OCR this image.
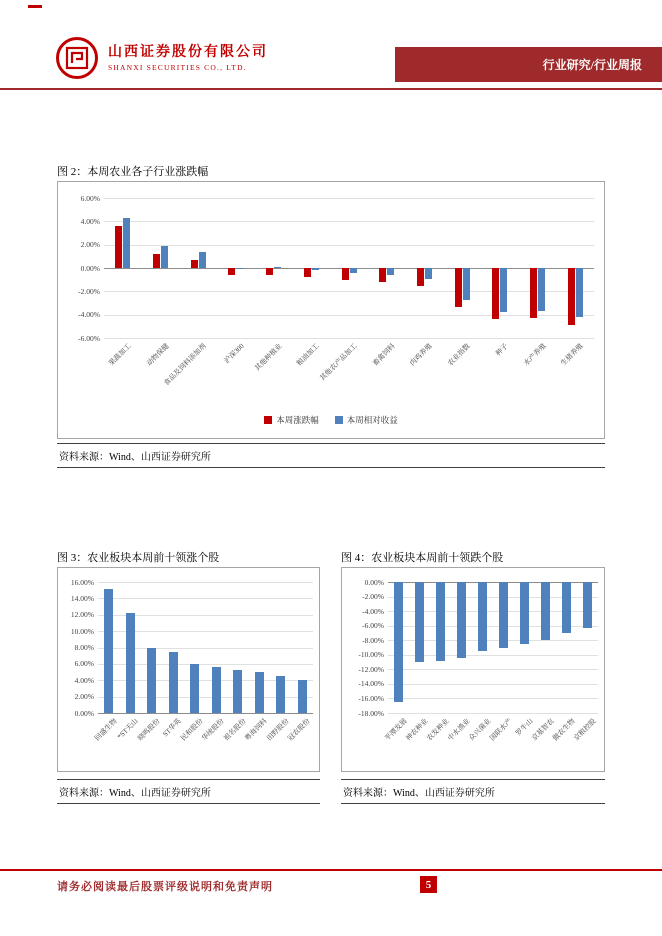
山西证券股份有限公司
SHANXI SECURITIES CO., LTD.	行业研究/行业周报
图 2：本周农业各子行业涨跌幅
6.00%
4.00%
2.00%
0.00%
-2.00%
-4.00%
-6.00%
果蔬加工	动物保健
食品及饲料添加剂	沪深300	其他种植业	粮油加工
其他农产品加工	畜禽饲料	肉鸡养殖	农业指数	种子	水产养殖	生猪养殖
本周涨跌幅	本周相对收益
资料来源：Wind、山西证券研究所
图 3：农业板块本周前十领涨个股
16.00%
14.00%
12.00%
10.00%
8.00%
6.00%
4.00%
2.00%
0.00%
回盛生物
*ST天山
晓鸣股份 ST华英
民和股份
华统股份
祖名股份
粤海饲料
田野股份
冠农股份
资料来源：Wind、山西证券研究所
图 4：农业板块本周前十领跌个股
0.00%
-2.00%
-4.00%
-6.00%
-8.00%
-10.00%
-12.00%
-14.00%
-16.00%
-18.00%
平潭发展
神农种业
农发种业
中水渔业
众兴菌业
国联水产 罗牛山
京基智农
傲农生物
京粮控股
资料来源：Wind、山西证券研究所
请务必阅读最后股票评级说明和免责声明	5
